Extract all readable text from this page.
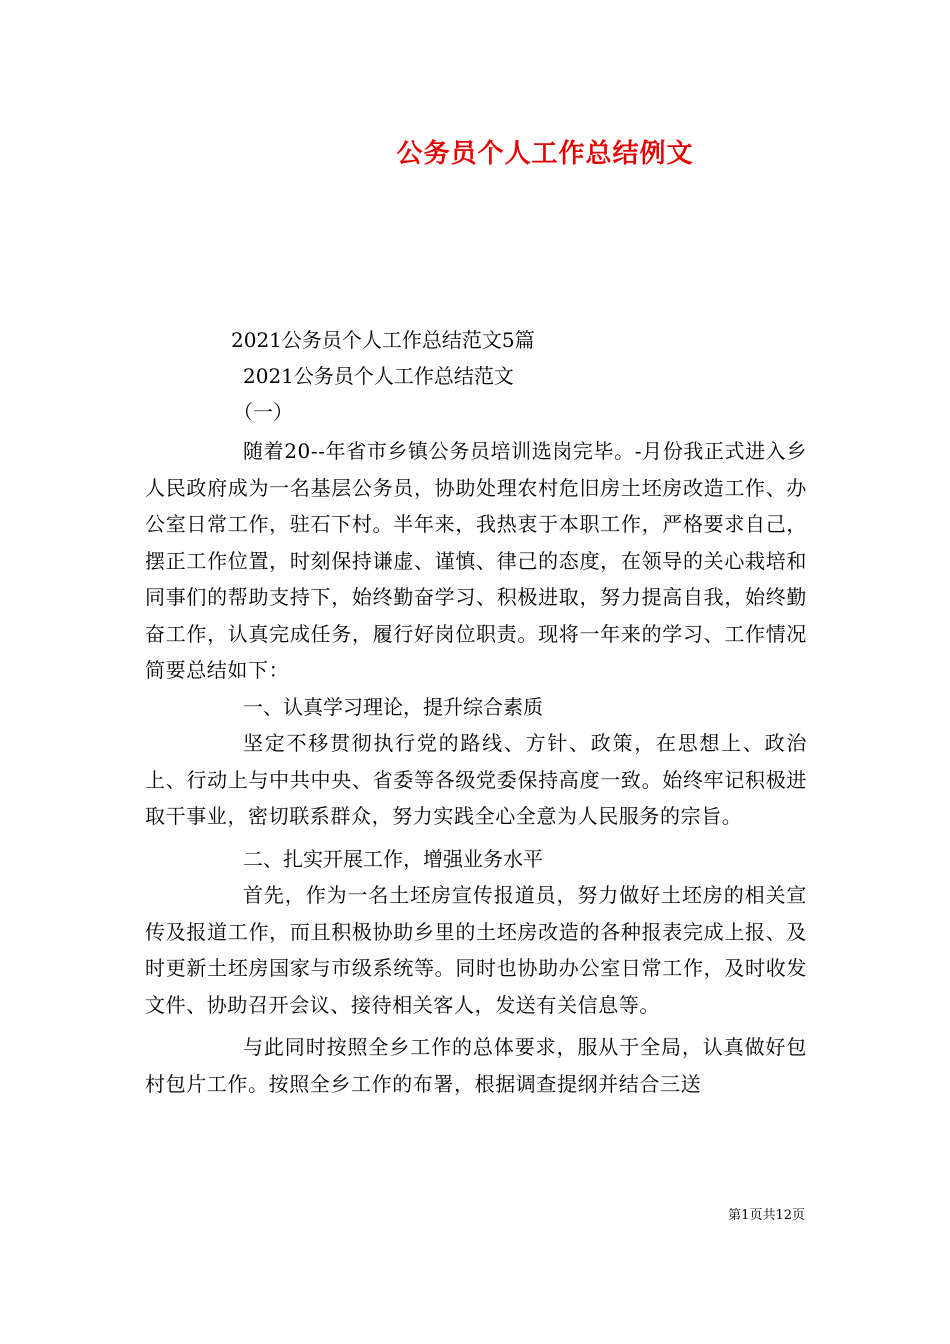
公务员个人工作总结例文
2021公务员个人工作总结范文5篇
2021公务员个人工作总结范文
（一）

随着20--年省市乡镇公务员培训选岗完毕。-月份我正式进入乡人民政府成为一名基层公务员，协助处理农村危旧房土坯房改造工作、办公室日常工作，驻石下村。半年来，我热衷于本职工作，严格要求自己，摆正工作位置，时刻保持谦虚、谨慎、律己的态度，在领导的关心栽培和同事们的帮助支持下，始终勤奋学习、积极进取，努力提高自我，始终勤奋工作，认真完成任务，履行好岗位职责。现将一年来的学习、工作情况简要总结如下：

一、认真学习理论，提升综合素质

坚定不移贯彻执行党的路线、方针、政策，在思想上、政治上、行动上与中共中央、省委等各级党委保持高度一致。始终牢记积极进取干事业，密切联系群众，努力实践全心全意为人民服务的宗旨。

二、扎实开展工作，增强业务水平

首先，作为一名土坯房宣传报道员，努力做好土坯房的相关宣传及报道工作，而且积极协助乡里的土坯房改造的各种报表完成上报、及时更新土坯房国家与市级系统等。同时也协助办公室日常工作，及时收发文件、协助召开会议、接待相关客人，发送有关信息等。

与此同时按照全乡工作的总体要求，服从于全局，认真做好包村包片工作。按照全乡工作的布署，根据调查提纲并结合三送

第1页共12页
